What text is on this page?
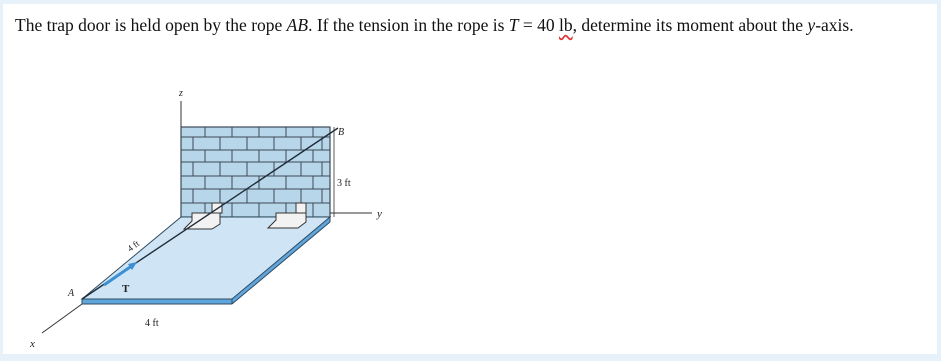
The trap door is held open by the rope AB. If the tension in the rope is T = 40 lb, determine its moment about the y-axis.
z
y
x
B
3 ft
A	T
4 ft
4 ft
